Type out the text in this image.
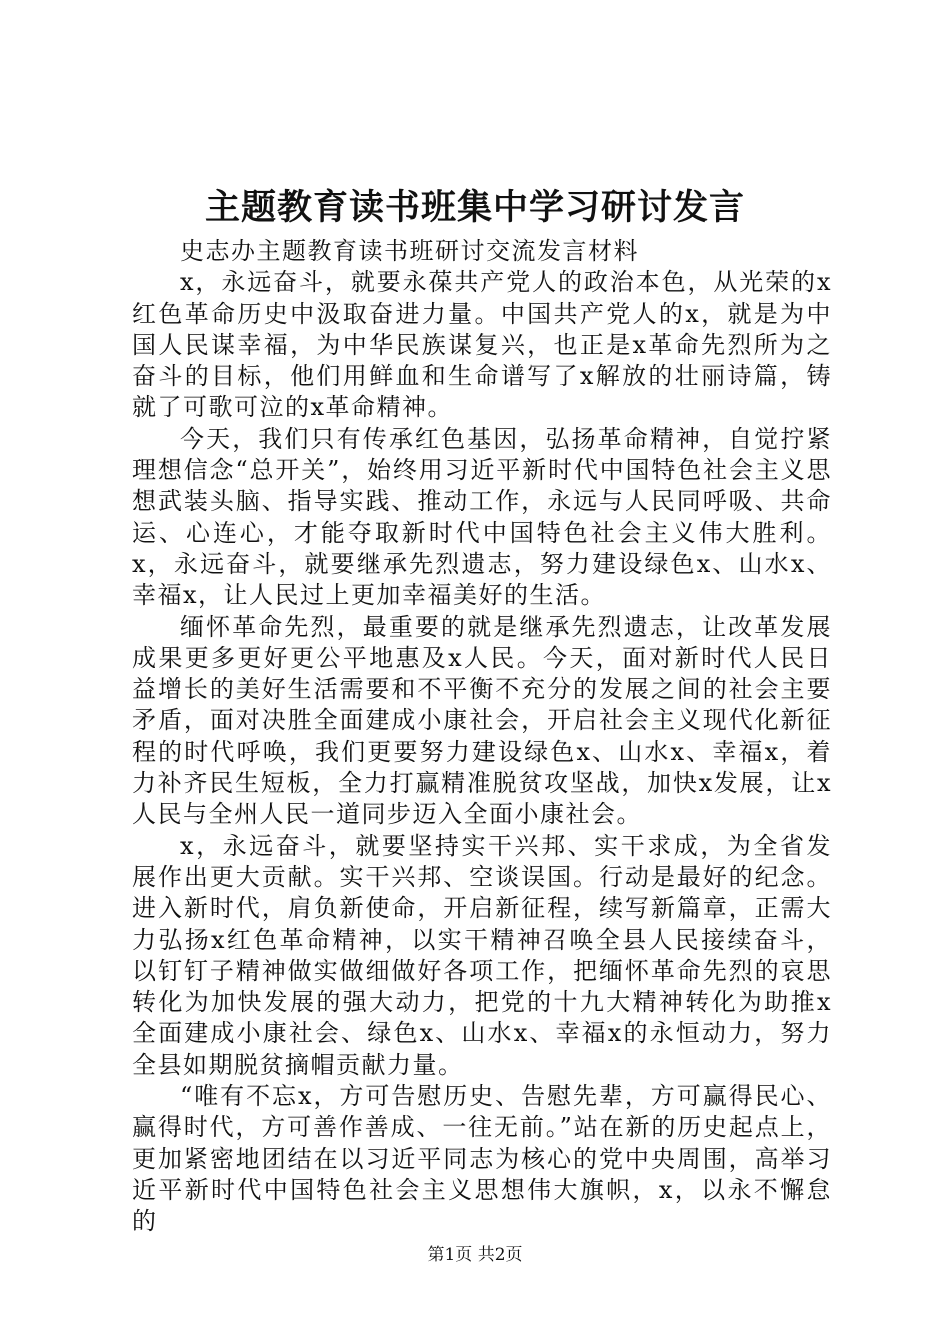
主题教育读书班集中学习研讨发言

史志办主题教育读书班研讨交流发言材料

x，永远奋斗，就要永葆共产党人的政治本色，从光荣的x红色革命历史中汲取奋进力量。中国共产党人的x，就是为中国人民谋幸福，为中华民族谋复兴，也正是x革命先烈所为之奋斗的目标，他们用鲜血和生命谱写了x解放的壮丽诗篇，铸就了可歌可泣的x革命精神。

今天，我们只有传承红色基因，弘扬革命精神，自觉拧紧理想信念“总开关”，始终用习近平新时代中国特色社会主义思想武装头脑、指导实践、推动工作，永远与人民同呼吸、共命运、心连心，才能夺取新时代中国特色社会主义伟大胜利。x，永远奋斗，就要继承先烈遗志，努力建设绿色x、山水x、幸福x，让人民过上更加幸福美好的生活。

缅怀革命先烈，最重要的就是继承先烈遗志，让改革发展成果更多更好更公平地惠及x人民。今天，面对新时代人民日益增长的美好生活需要和不平衡不充分的发展之间的社会主要矛盾，面对决胜全面建成小康社会，开启社会主义现代化新征程的时代呼唤，我们更要努力建设绿色x、山水x、幸福x，着力补齐民生短板，全力打赢精准脱贫攻坚战，加快x发展，让x人民与全州人民一道同步迈入全面小康社会。

x，永远奋斗，就要坚持实干兴邦、实干求成，为全省发展作出更大贡献。实干兴邦、空谈误国。行动是最好的纪念。进入新时代，肩负新使命，开启新征程，续写新篇章，正需大力弘扬x红色革命精神，以实干精神召唤全县人民接续奋斗，以钉钉子精神做实做细做好各项工作，把缅怀革命先烈的哀思转化为加快发展的强大动力，把党的十九大精神转化为助推x全面建成小康社会、绿色x、山水x、幸福x的永恒动力，努力全县如期脱贫摘帽贡献力量。

“唯有不忘x，方可告慰历史、告慰先辈，方可赢得民心、赢得时代，方可善作善成、一往无前。”站在新的历史起点上，更加紧密地团结在以习近平同志为核心的党中央周围，高举习近平新时代中国特色社会主义思想伟大旗帜，x，以永不懈怠的

第1页 共2页
